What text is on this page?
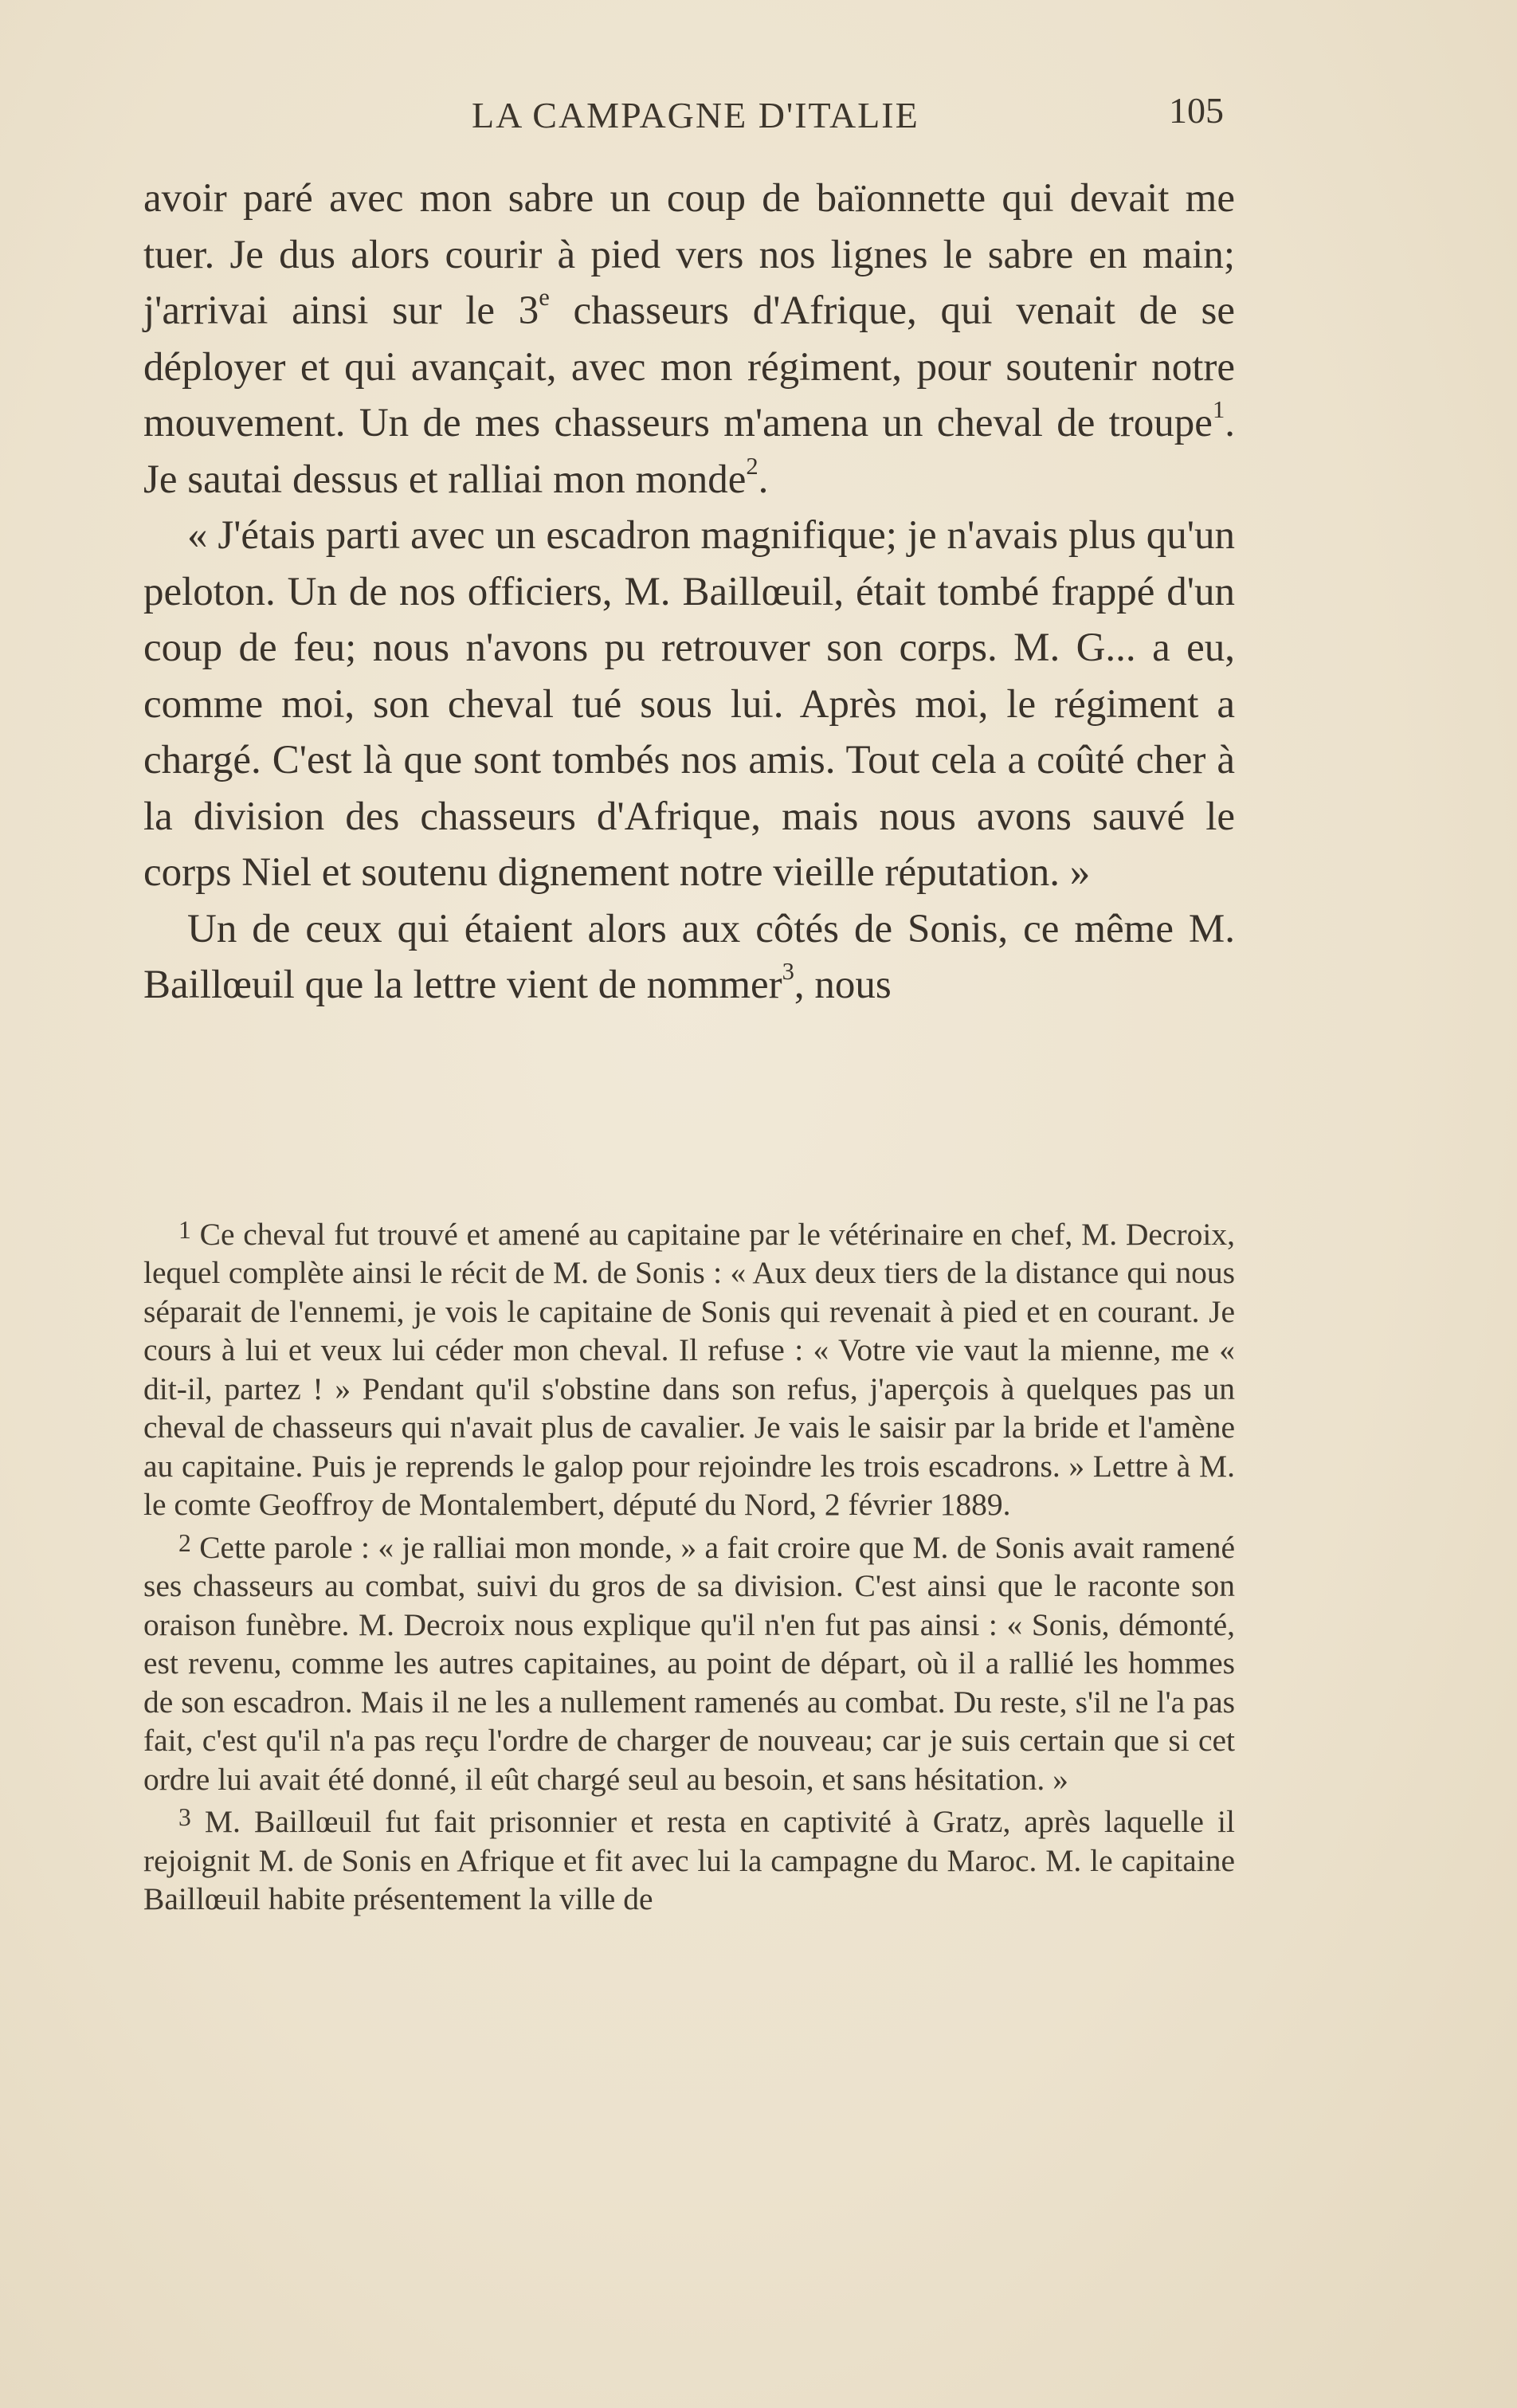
LA CAMPAGNE D'ITALIE	105

avoir paré avec mon sabre un coup de baïonnette qui devait me tuer. Je dus alors courir à pied vers nos lignes le sabre en main; j'arrivai ainsi sur le 3e chasseurs d'Afrique, qui venait de se déployer et qui avançait, avec mon régiment, pour soutenir notre mouvement. Un de mes chasseurs m'amena un cheval de troupe$^1$. Je sautai dessus et ralliai mon monde$^2$.

« J'étais parti avec un escadron magnifique; je n'avais plus qu'un peloton. Un de nos officiers, M. Baillœuil, était tombé frappé d'un coup de feu; nous n'avons pu retrouver son corps. M. G... a eu, comme moi, son cheval tué sous lui. Après moi, le régiment a chargé. C'est là que sont tombés nos amis. Tout cela a coûté cher à la division des chasseurs d'Afrique, mais nous avons sauvé le corps Niel et soutenu dignement notre vieille réputation. »

Un de ceux qui étaient alors aux côtés de Sonis, ce même M. Baillœuil que la lettre vient de nommer$^3$, nous

$^1$ Ce cheval fut trouvé et amené au capitaine par le vétérinaire en chef, M. Decroix, lequel complète ainsi le récit de M. de Sonis : « Aux deux tiers de la distance qui nous séparait de l'ennemi, je vois le capitaine de Sonis qui revenait à pied et en courant. Je cours à lui et veux lui céder mon cheval. Il refuse : « Votre vie vaut la mienne, me « dit-il, partez ! » Pendant qu'il s'obstine dans son refus, j'aperçois à quelques pas un cheval de chasseurs qui n'avait plus de cavalier. Je vais le saisir par la bride et l'amène au capitaine. Puis je reprends le galop pour rejoindre les trois escadrons. » Lettre à M. le comte Geoffroy de Montalembert, député du Nord, 2 février 1889.

$^2$ Cette parole : « je ralliai mon monde, » a fait croire que M. de Sonis avait ramené ses chasseurs au combat, suivi du gros de sa division. C'est ainsi que le raconte son oraison funèbre. M. Decroix nous explique qu'il n'en fut pas ainsi : « Sonis, démonté, est revenu, comme les autres capitaines, au point de départ, où il a rallié les hommes de son escadron. Mais il ne les a nullement ramenés au combat. Du reste, s'il ne l'a pas fait, c'est qu'il n'a pas reçu l'ordre de charger de nouveau; car je suis certain que si cet ordre lui avait été donné, il eût chargé seul au besoin, et sans hésitation. »

$^3$ M. Baillœuil fut fait prisonnier et resta en captivité à Gratz, après laquelle il rejoignit M. de Sonis en Afrique et fit avec lui la campagne du Maroc. M. le capitaine Baillœuil habite présentement la ville de
